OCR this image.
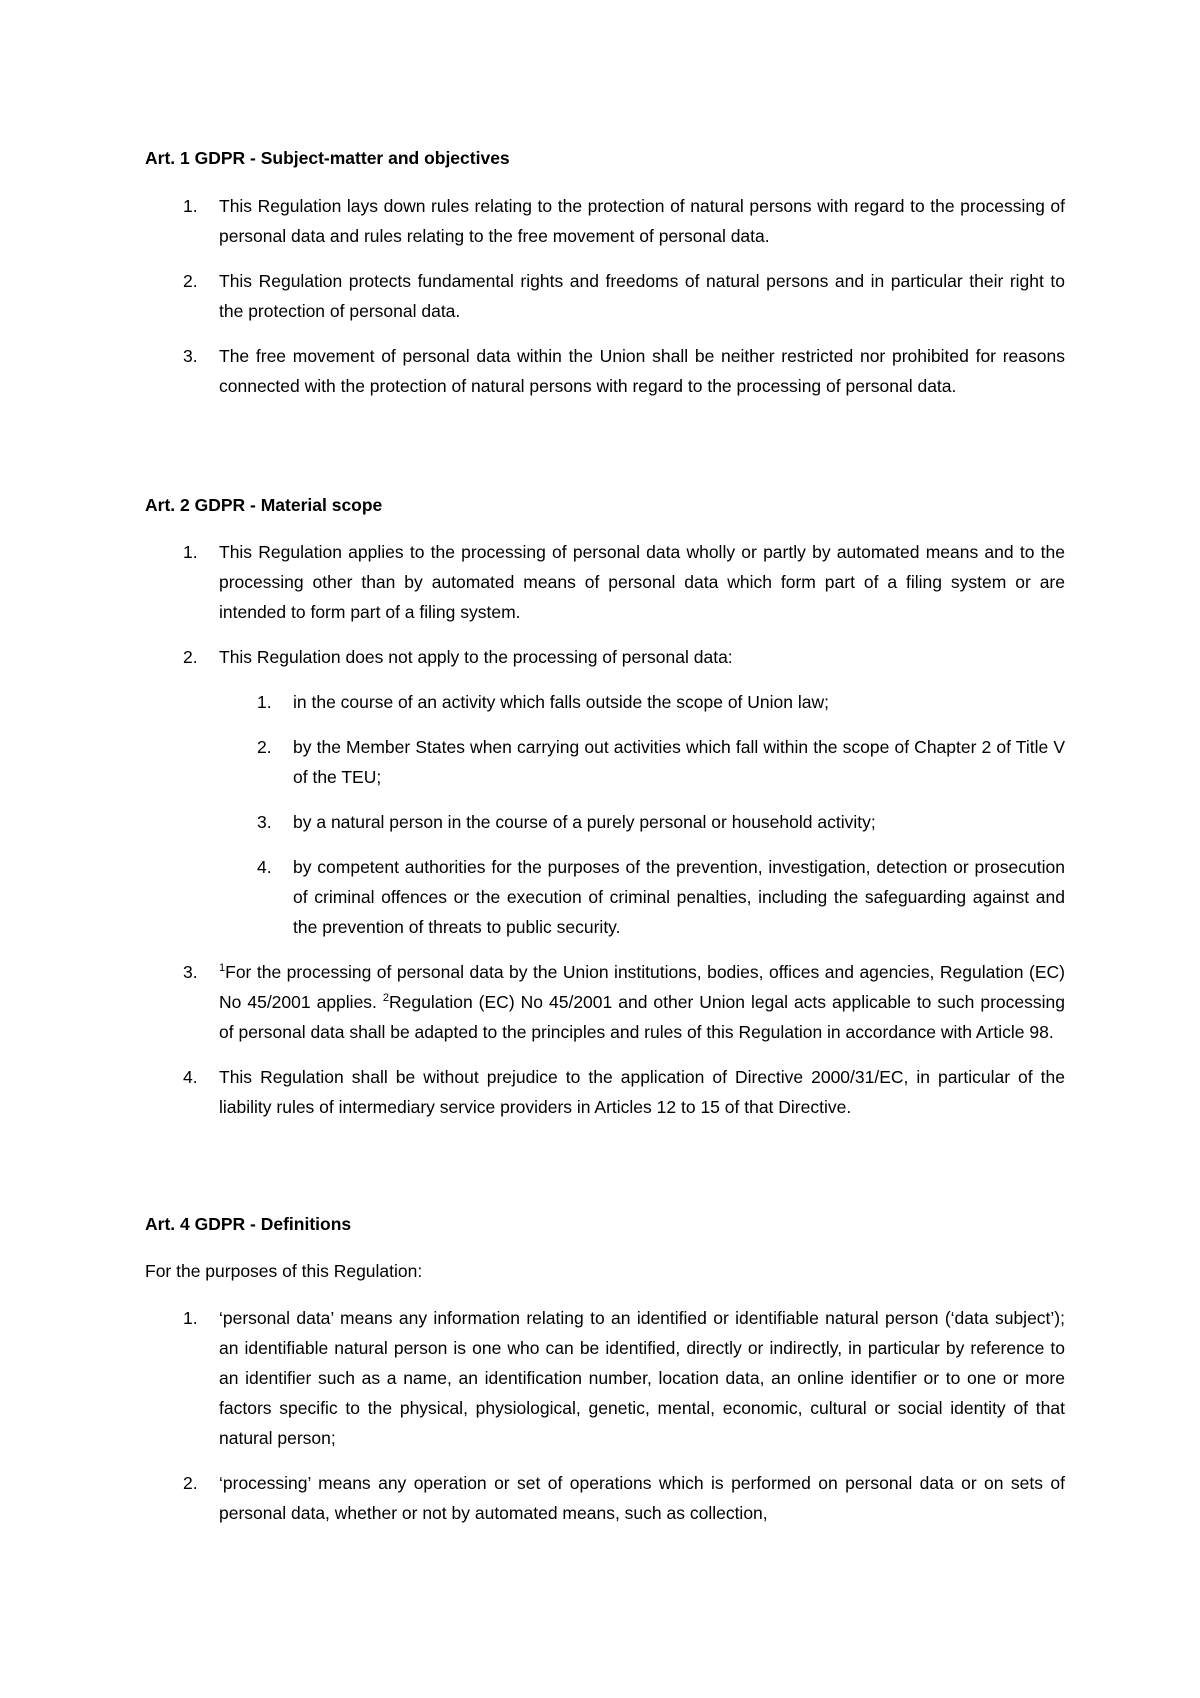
Art. 1 GDPR - Subject-matter and objectives

1. This Regulation lays down rules relating to the protection of natural persons with regard to the processing of personal data and rules relating to the free movement of personal data.
2. This Regulation protects fundamental rights and freedoms of natural persons and in particular their right to the protection of personal data.
3. The free movement of personal data within the Union shall be neither restricted nor prohibited for reasons connected with the protection of natural persons with regard to the processing of personal data.

Art. 2 GDPR - Material scope

1. This Regulation applies to the processing of personal data wholly or partly by automated means and to the processing other than by automated means of personal data which form part of a filing system or are intended to form part of a filing system.
2. This Regulation does not apply to the processing of personal data:
1. in the course of an activity which falls outside the scope of Union law;
2. by the Member States when carrying out activities which fall within the scope of Chapter 2 of Title V of the TEU;
3. by a natural person in the course of a purely personal or household activity;
4. by competent authorities for the purposes of the prevention, investigation, detection or prosecution of criminal offences or the execution of criminal penalties, including the safeguarding against and the prevention of threats to public security.
3. $^1$For the processing of personal data by the Union institutions, bodies, offices and agencies, Regulation (EC) No 45/2001 applies. $^2$Regulation (EC) No 45/2001 and other Union legal acts applicable to such processing of personal data shall be adapted to the principles and rules of this Regulation in accordance with Article 98.
4. This Regulation shall be without prejudice to the application of Directive 2000/31/EC, in particular of the liability rules of intermediary service providers in Articles 12 to 15 of that Directive.

Art. 4 GDPR - Definitions

For the purposes of this Regulation:

1. ‘personal data’ means any information relating to an identified or identifiable natural person (‘data subject’); an identifiable natural person is one who can be identified, directly or indirectly, in particular by reference to an identifier such as a name, an identification number, location data, an online identifier or to one or more factors specific to the physical, physiological, genetic, mental, economic, cultural or social identity of that natural person;
2. ‘processing’ means any operation or set of operations which is performed on personal data or on sets of personal data, whether or not by automated means, such as collection,
